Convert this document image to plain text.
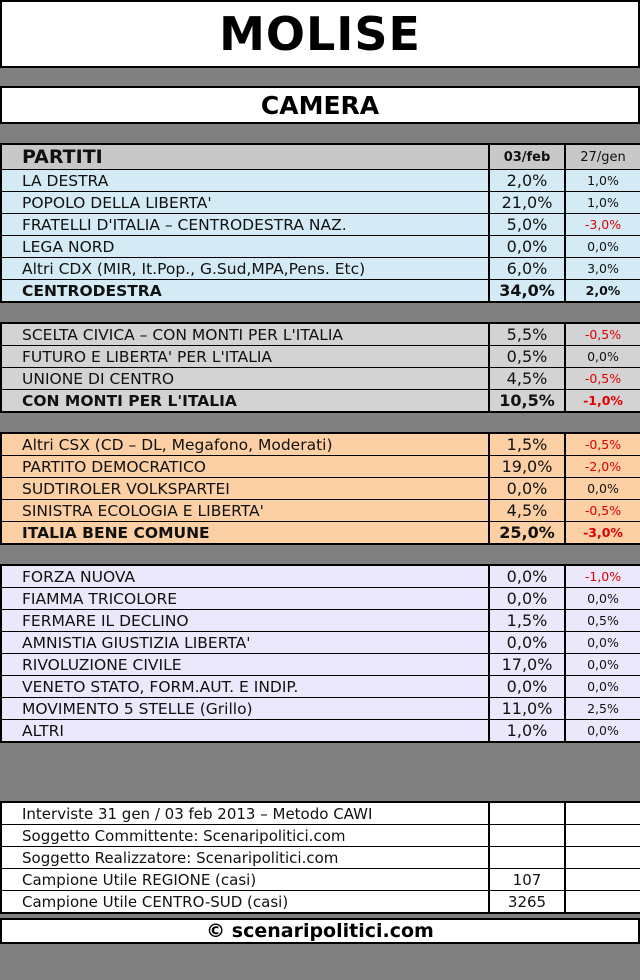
MOLISE
CAMERA
PARTITI	03/feb	27/gen
LA DESTRA	2,0%	1,0%
POPOLO DELLA LIBERTA'	21,0%	1,0%
FRATELLI D'ITALIA – CENTRODESTRA NAZ.	5,0%	-3,0%
LEGA NORD	0,0%	0,0%
Altri CDX (MIR, It.Pop., G.Sud,MPA,Pens. Etc)	6,0%	3,0%
CENTRODESTRA	34,0%	2,0%
SCELTA CIVICA – CON MONTI PER L'ITALIA	5,5%	-0,5%
FUTURO E LIBERTA' PER L'ITALIA	0,5%	0,0%
UNIONE DI CENTRO	4,5%	-0,5%
CON MONTI PER L'ITALIA	10,5%	-1,0%
Altri CSX (CD – DL, Megafono, Moderati)	1,5%	-0,5%
PARTITO DEMOCRATICO	19,0%	-2,0%
SUDTIROLER VOLKSPARTEI	0,0%	0,0%
SINISTRA ECOLOGIA E LIBERTA'	4,5%	-0,5%
ITALIA BENE COMUNE	25,0%	-3,0%
FORZA NUOVA	0,0%	-1,0%
FIAMMA TRICOLORE	0,0%	0,0%
FERMARE IL DECLINO	1,5%	0,5%
AMNISTIA GIUSTIZIA LIBERTA'	0,0%	0,0%
RIVOLUZIONE CIVILE	17,0%	0,0%
VENETO STATO, FORM.AUT. E INDIP.	0,0%	0,0%
MOVIMENTO 5 STELLE (Grillo)	11,0%	2,5%
ALTRI	1,0%	0,0%
Interviste 31 gen / 03 feb 2013 – Metodo CAWI		
Soggetto Committente: Scenaripolitici.com		
Soggetto Realizzatore: Scenaripolitici.com		
Campione Utile REGIONE (casi)	107	
Campione Utile CENTRO-SUD (casi)	3265	
© scenaripolitici.com
